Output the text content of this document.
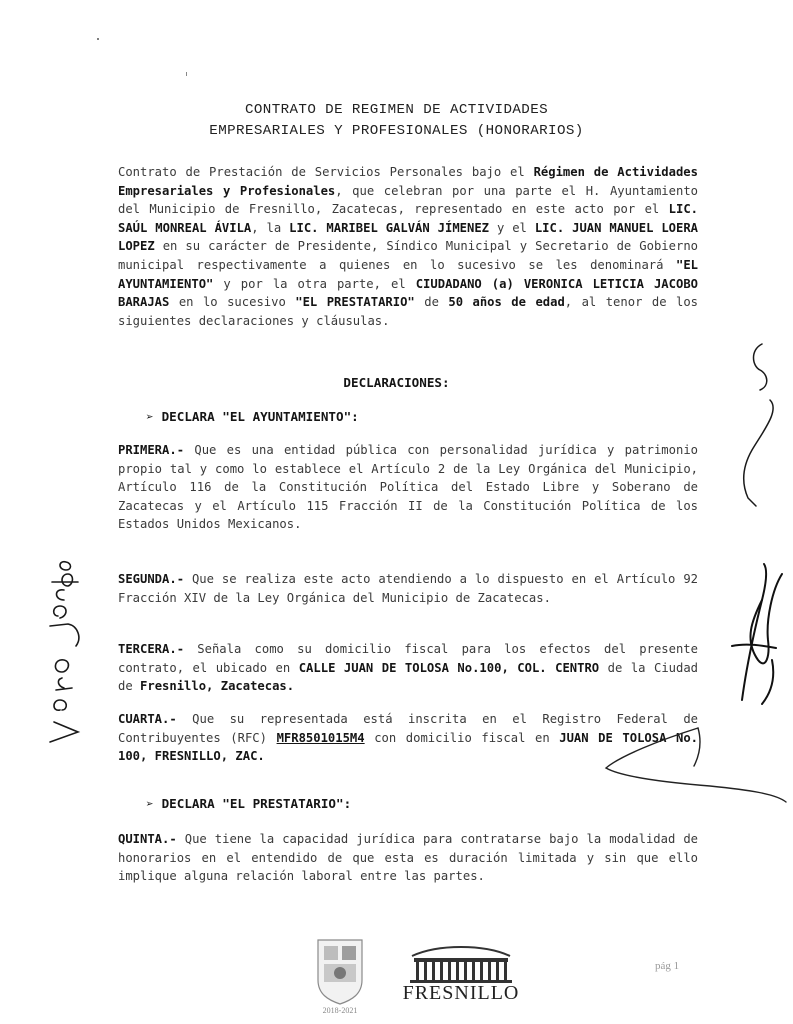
CONTRATO DE REGIMEN DE ACTIVIDADES
EMPRESARIALES Y PROFESIONALES (HONORARIOS)
Contrato de Prestación de Servicios Personales bajo el Régimen de Actividades Empresariales y Profesionales, que celebran por una parte el H. Ayuntamiento del Municipio de Fresnillo, Zacatecas, representado en este acto por el LIC. SAÚL MONREAL ÁVILA, la LIC. MARIBEL GALVÁN JÍMENEZ y el LIC. JUAN MANUEL LOERA LOPEZ en su carácter de Presidente, Síndico Municipal y Secretario de Gobierno municipal respectivamente a quienes en lo sucesivo se les denominará "EL AYUNTAMIENTO" y por la otra parte, el CIUDADANO (a) VERONICA LETICIA JACOBO BARAJAS en lo sucesivo "EL PRESTATARIO" de 50 años de edad, al tenor de los siguientes declaraciones y cláusulas.
DECLARACIONES:
➢ DECLARA "EL AYUNTAMIENTO":
PRIMERA.- Que es una entidad pública con personalidad jurídica y patrimonio propio tal y como lo establece el Artículo 2 de la Ley Orgánica del Municipio, Artículo 116 de la Constitución Política del Estado Libre y Soberano de Zacatecas y el Artículo 115 Fracción II de la Constitución Política de los Estados Unidos Mexicanos.
SEGUNDA.- Que se realiza este acto atendiendo a lo dispuesto en el Artículo 92 Fracción XIV de la Ley Orgánica del Municipio de Zacatecas.
TERCERA.- Señala como su domicilio fiscal para los efectos del presente contrato, el ubicado en CALLE JUAN DE TOLOSA No.100, COL. CENTRO de la Ciudad de Fresnillo, Zacatecas.
CUARTA.- Que su representada está inscrita en el Registro Federal de Contribuyentes (RFC) MFR8501015M4 con domicilio fiscal en JUAN DE TOLOSA No. 100, FRESNILLO, ZAC.
➢ DECLARA "EL PRESTATARIO":
QUINTA.- Que tiene la capacidad jurídica para contratarse bajo la modalidad de honorarios en el entendido de que esta es duración limitada y sin que ello implique alguna relación laboral entre las partes.
2018-2021
FRESNILLO
pág 1
